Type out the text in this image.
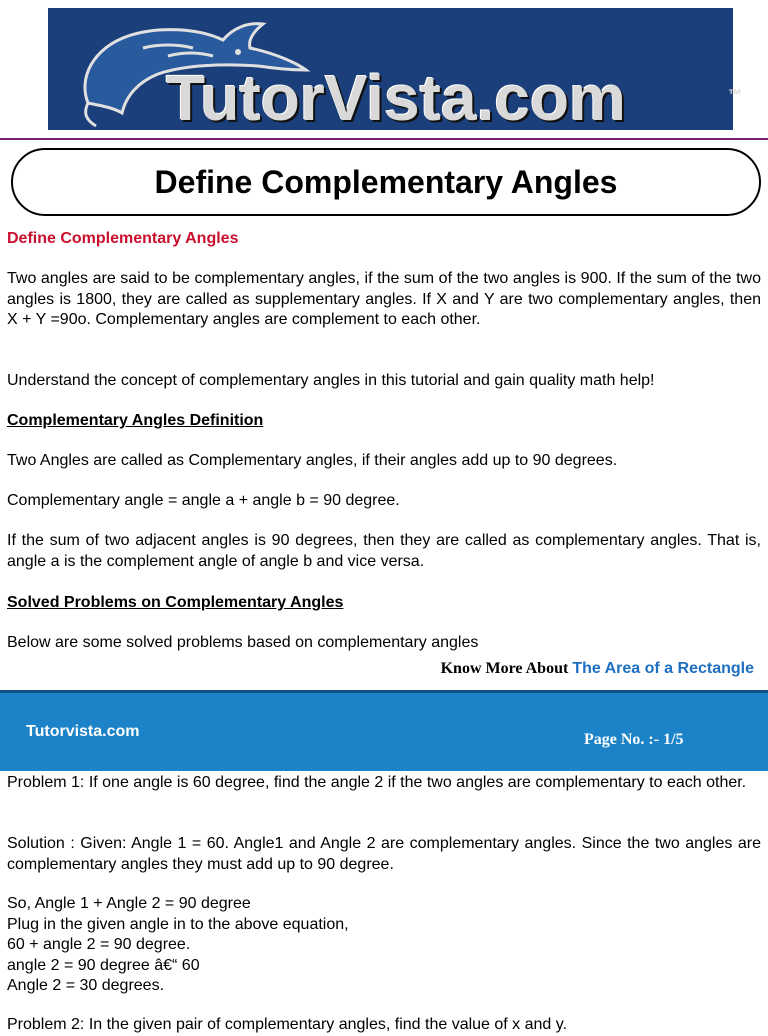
TutorVista.com	™
Define Complementary Angles
Define Complementary Angles
Two angles are said to be complementary angles, if the sum of the two angles is 900. If the sum of the two angles is 1800, they are called as supplementary angles. If X and Y are two complementary angles, then X + Y =90o. Complementary angles are complement to each other.
Understand the concept of complementary angles in this tutorial and gain quality math help!
Complementary Angles Definition
Two Angles are called as Complementary angles, if their angles add up to 90 degrees.
Complementary angle = angle a + angle b = 90 degree.
If the sum of two adjacent angles is 90 degrees, then they are called as complementary angles. That is, angle a is the complement angle of angle b and vice versa.
Solved Problems on Complementary Angles
Below are some solved problems based on complementary angles
Know More About The Area of a Rectangle
Tutorvista.com	Page No. :- 1/5
Problem 1: If one angle is 60 degree, find the angle 2 if the two angles are complementary to each other.
Solution : Given: Angle 1 = 60. Angle1 and Angle 2 are complementary angles. Since the two angles are complementary angles they must add up to 90 degree.
So, Angle 1 + Angle 2 = 90 degree
Plug in the given angle in to the above equation,
60 + angle 2 = 90 degree.
angle 2 = 90 degree â€“ 60
Angle 2 = 30 degrees.
Problem 2: In the given pair of complementary angles, find the value of x and y.
